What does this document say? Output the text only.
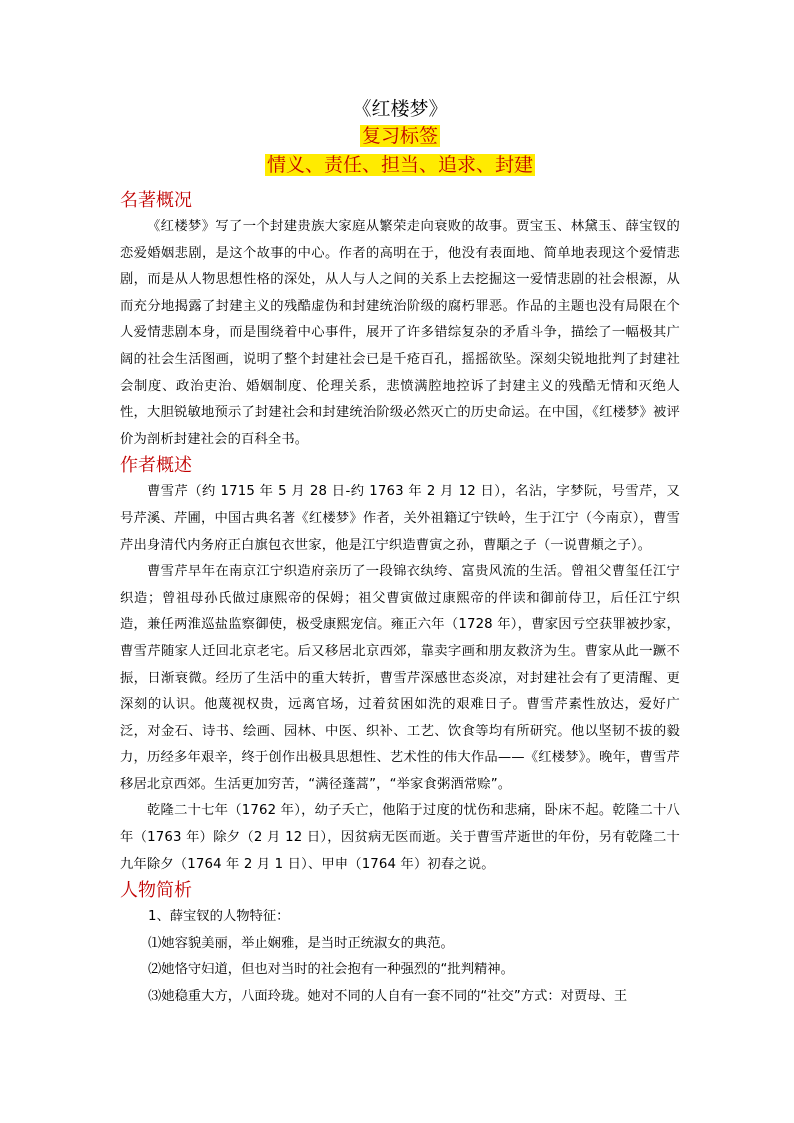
《红楼梦》

复习标签

情义、责任、担当、追求、封建

名著概况

《红楼梦》写了一个封建贵族大家庭从繁荣走向衰败的故事。贾宝玉、林黛玉、薛宝钗的恋爱婚姻悲剧，是这个故事的中心。作者的高明在于，他没有表面地、简单地表现这个爱情悲剧，而是从人物思想性格的深处，从人与人之间的关系上去挖掘这一爱情悲剧的社会根源，从而充分地揭露了封建主义的残酷虚伪和封建统治阶级的腐朽罪恶。作品的主题也没有局限在个人爱情悲剧本身，而是围绕着中心事件，展开了许多错综复杂的矛盾斗争，描绘了一幅极其广阔的社会生活图画，说明了整个封建社会已是千疮百孔，摇摇欲坠。深刻尖锐地批判了封建社会制度、政治吏治、婚姻制度、伦理关系，悲愤满腔地控诉了封建主义的残酷无情和灭绝人性，大胆锐敏地预示了封建社会和封建统治阶级必然灭亡的历史命运。在中国，《红楼梦》被评价为剖析封建社会的百科全书。

作者概述

曹雪芹（约 1715 年 5 月 28 日-约 1763 年 2 月 12 日），名沾，字梦阮，号雪芹，又号芹溪、芹圃，中国古典名著《红楼梦》作者，关外祖籍辽宁铁岭，生于江宁（今南京），曹雪芹出身清代内务府正白旗包衣世家，他是江宁织造曹寅之孙，曹顒之子（一说曹頫之子）。

曹雪芹早年在南京江宁织造府亲历了一段锦衣纨绔、富贵风流的生活。曾祖父曹玺任江宁织造；曾祖母孙氏做过康熙帝的保姆；祖父曹寅做过康熙帝的伴读和御前侍卫，后任江宁织造，兼任两淮巡盐监察御使，极受康熙宠信。雍正六年（1728 年），曹家因亏空获罪被抄家，曹雪芹随家人迁回北京老宅。后又移居北京西郊，靠卖字画和朋友救济为生。曹家从此一蹶不振，日渐衰微。经历了生活中的重大转折，曹雪芹深感世态炎凉，对封建社会有了更清醒、更深刻的认识。他蔑视权贵，远离官场，过着贫困如洗的艰难日子。曹雪芹素性放达，爱好广泛，对金石、诗书、绘画、园林、中医、织补、工艺、饮食等均有所研究。他以坚韧不拔的毅力，历经多年艰辛，终于创作出极具思想性、艺术性的伟大作品——《红楼梦》。晚年，曹雪芹移居北京西郊。生活更加穷苦，“满径蓬蒿”，“举家食粥酒常赊”。

乾隆二十七年（1762 年），幼子夭亡，他陷于过度的忧伤和悲痛，卧床不起。乾隆二十八年（1763 年）除夕（2 月 12 日），因贫病无医而逝。关于曹雪芹逝世的年份，另有乾隆二十九年除夕（1764 年 2 月 1 日）、甲申（1764 年）初春之说。

人物简析

1、薛宝钗的人物特征：

⑴她容貌美丽，举止娴雅，是当时正统淑女的典范。

⑵她恪守妇道，但也对当时的社会抱有一种强烈的“批判精神。

⑶她稳重大方，八面玲珑。她对不同的人自有一套不同的“社交”方式：对贾母、王
